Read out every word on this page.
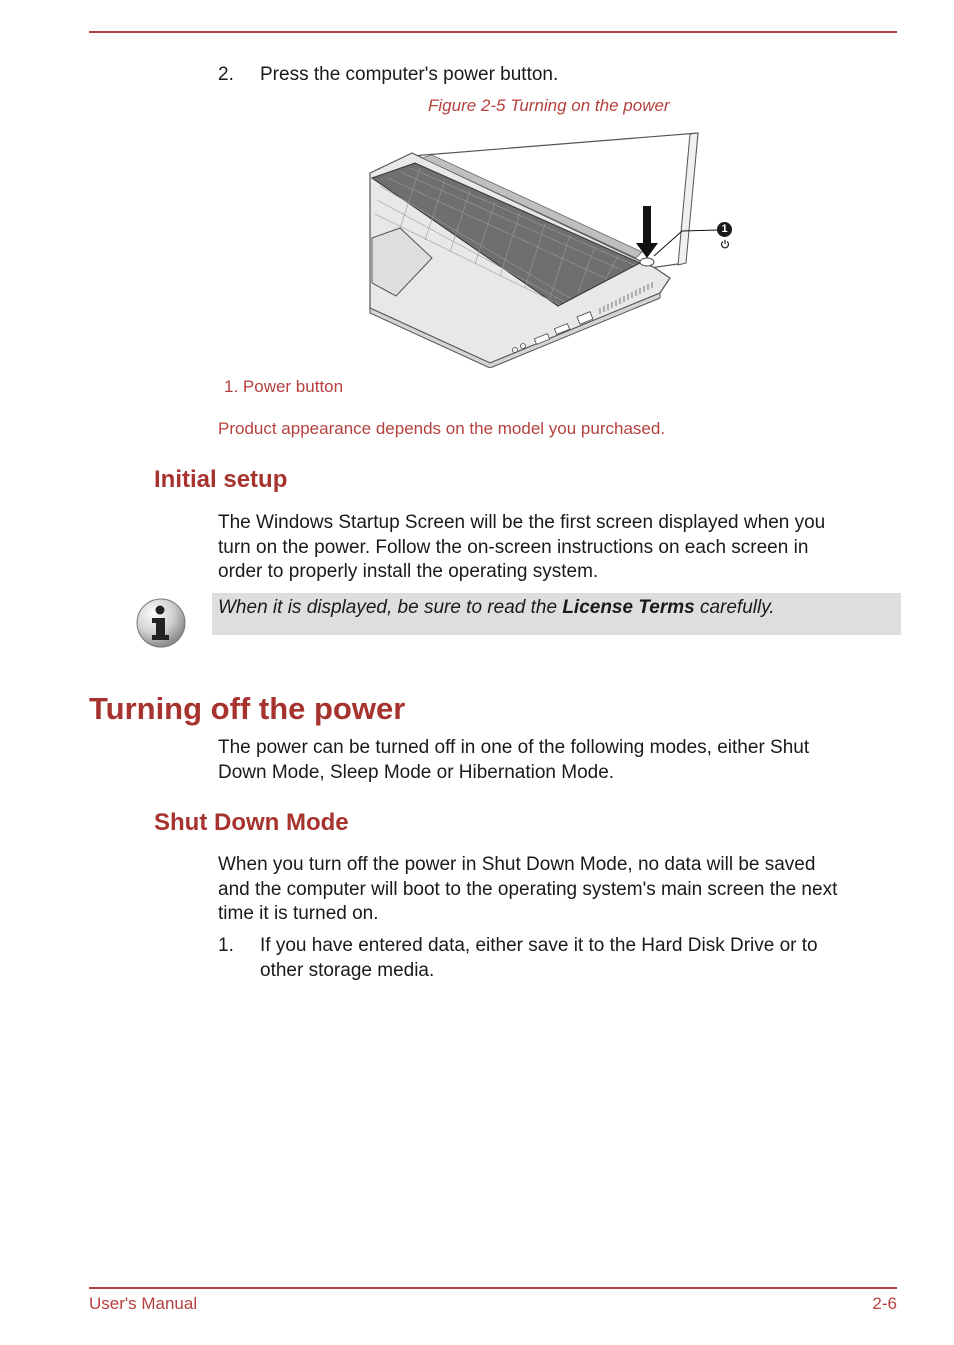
2. Press the computer's power button.
Figure 2-5 Turning on the power
1
1. Power button
Product appearance depends on the model you purchased.
Initial setup
The Windows Startup Screen will be the first screen displayed when you
turn on the power. Follow the on-screen instructions on each screen in
order to properly install the operating system.
When it is displayed, be sure to read the License Terms carefully.
Turning off the power
The power can be turned off in one of the following modes, either Shut
Down Mode, Sleep Mode or Hibernation Mode.
Shut Down Mode
When you turn off the power in Shut Down Mode, no data will be saved
and the computer will boot to the operating system's main screen the next
time it is turned on.
1. If you have entered data, either save it to the Hard Disk Drive or to
other storage media.
User's Manual	2-6
